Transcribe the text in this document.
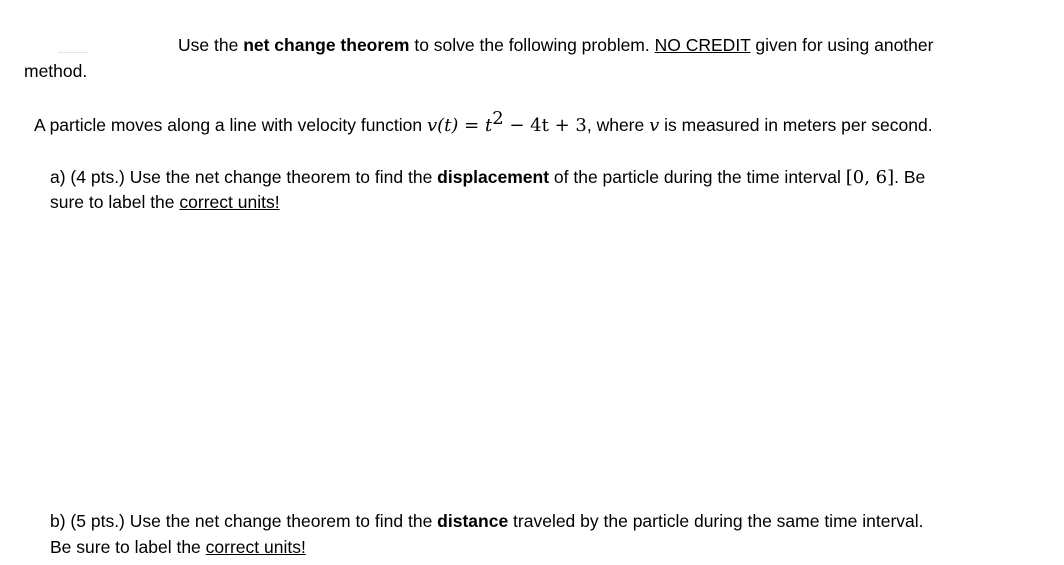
Use the net change theorem to solve the following problem. NO CREDIT given for using another
method.
A particle moves along a line with velocity function $v(t) = t^2 - 4t + 3$, where v is measured in meters per second.
a) (4 pts.) Use the net change theorem to find the displacement of the particle during the time interval [0, 6]. Be
sure to label the correct units!
b) (5 pts.) Use the net change theorem to find the distance traveled by the particle during the same time interval.
Be sure to label the correct units!
